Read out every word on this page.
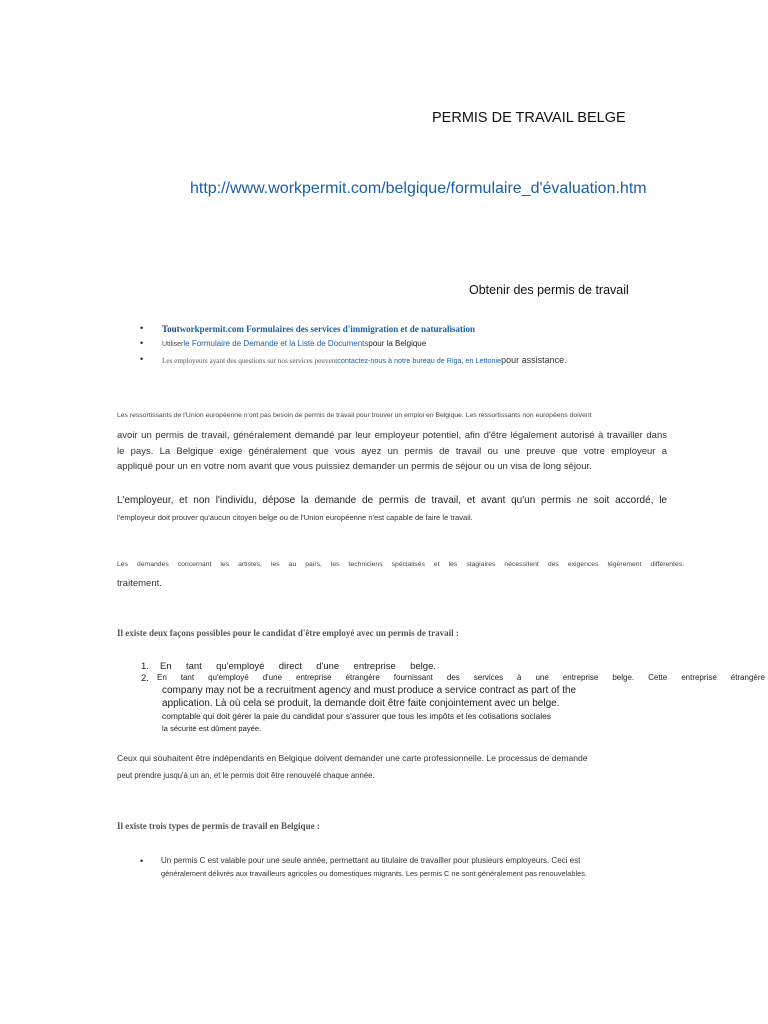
PERMIS DE TRAVAIL BELGE
http://www.workpermit.com/belgique/formulaire_d'évaluation.htm
Obtenir des permis de travail
• Toutworkpermit.com Formulaires des services d'immigration et de naturalisation
•	Utiliserle Formulaire de Demande et la Liste de Documentspour la Belgique
•	Les employeurs ayant des questions sur nos services peuventcontactez-nous à notre bureau de Riga, en Lettoniepour assistance.
Les ressortissants de l'Union européenne n'ont pas besoin de permis de travail pour trouver un emploi en Belgique. Les ressortissants non européens doivent
avoir un permis de travail, généralement demandé par leur employeur potentiel, afin d'être légalement autorisé à travailler dans
le pays. La Belgique exige généralement que vous ayez un permis de travail ou une preuve que votre employeur a
appliqué pour un en votre nom avant que vous puissiez demander un permis de séjour ou un visa de long séjour.
L'employeur, et non l'individu, dépose la demande de permis de travail, et avant qu'un permis ne soit accordé, le
l'employeur doit prouver qu'aucun citoyen belge ou de l'Union européenne n'est capable de faire le travail.
Les demandes concernant les artistes, les au pairs, les techniciens spécialisés et les stagiaires nécessitent des exigences légèrement différentes.
traitement.
Il existe deux façons possibles pour le candidat d'être employé avec un permis de travail :
1. En tant qu'employé direct d'une entreprise belge.
2. En tant qu'employé d'une entreprise étrangère fournissant des services à une entreprise belge. Cette entreprise étrangère
company may not be a recruitment agency and must produce a service contract as part of the
application. Là où cela se produit, la demande doit être faite conjointement avec un belge.
comptable qui doit gérer la paie du candidat pour s'assurer que tous les impôts et les cotisations sociales
la sécurité est dûment payée.
Ceux qui souhaitent être indépendants en Belgique doivent demander une carte professionnelle. Le processus de demande
peut prendre jusqu'à un an, et le permis doit être renouvelé chaque année.
Il existe trois types de permis de travail en Belgique :
• Un permis C est valable pour une seule année, permettant au titulaire de travailler pour plusieurs employeurs. Ceci est
généralement délivrés aux travailleurs agricoles ou domestiques migrants. Les permis C ne sont généralement pas renouvelables.
